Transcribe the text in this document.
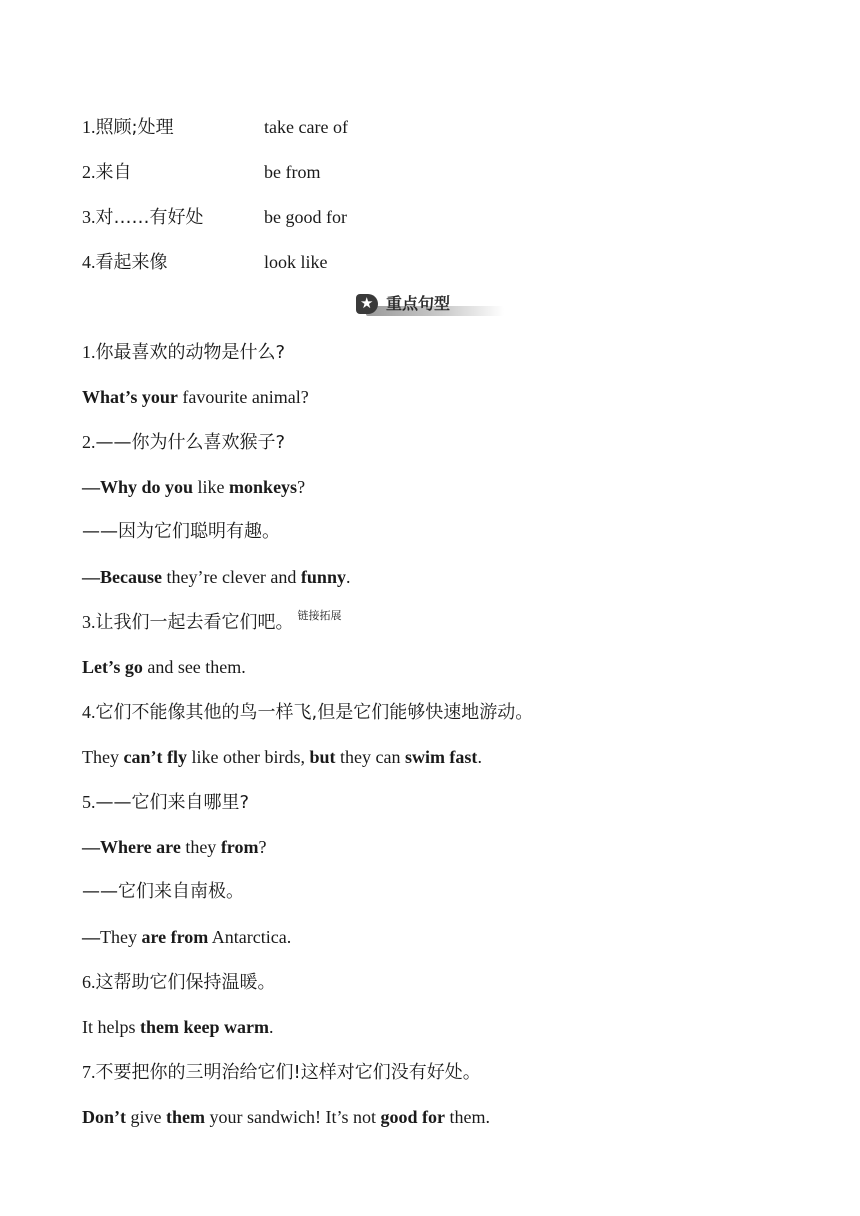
1.照顾;处理	take care of
2.来自	be from
3.对……有好处	be good for
4.看起来像	look like
★ 重点句型
1.你最喜欢的动物是什么?
What’s your favourite animal?
2.——你为什么喜欢猴子?
—Why do you like monkeys?
——因为它们聪明有趣。
—Because they’re clever and funny.
3.让我们一起去看它们吧。 $^{链接拓展}$
Let’s go and see them.
4.它们不能像其他的鸟一样飞,但是它们能够快速地游动。
They can’t fly like other birds, but they can swim fast.
5.——它们来自哪里?
—Where are they from?
——它们来自南极。
—They are from Antarctica.
6.这帮助它们保持温暖。
It helps them keep warm.
7.不要把你的三明治给它们!这样对它们没有好处。
Don’t give them your sandwich! It’s not good for them.
